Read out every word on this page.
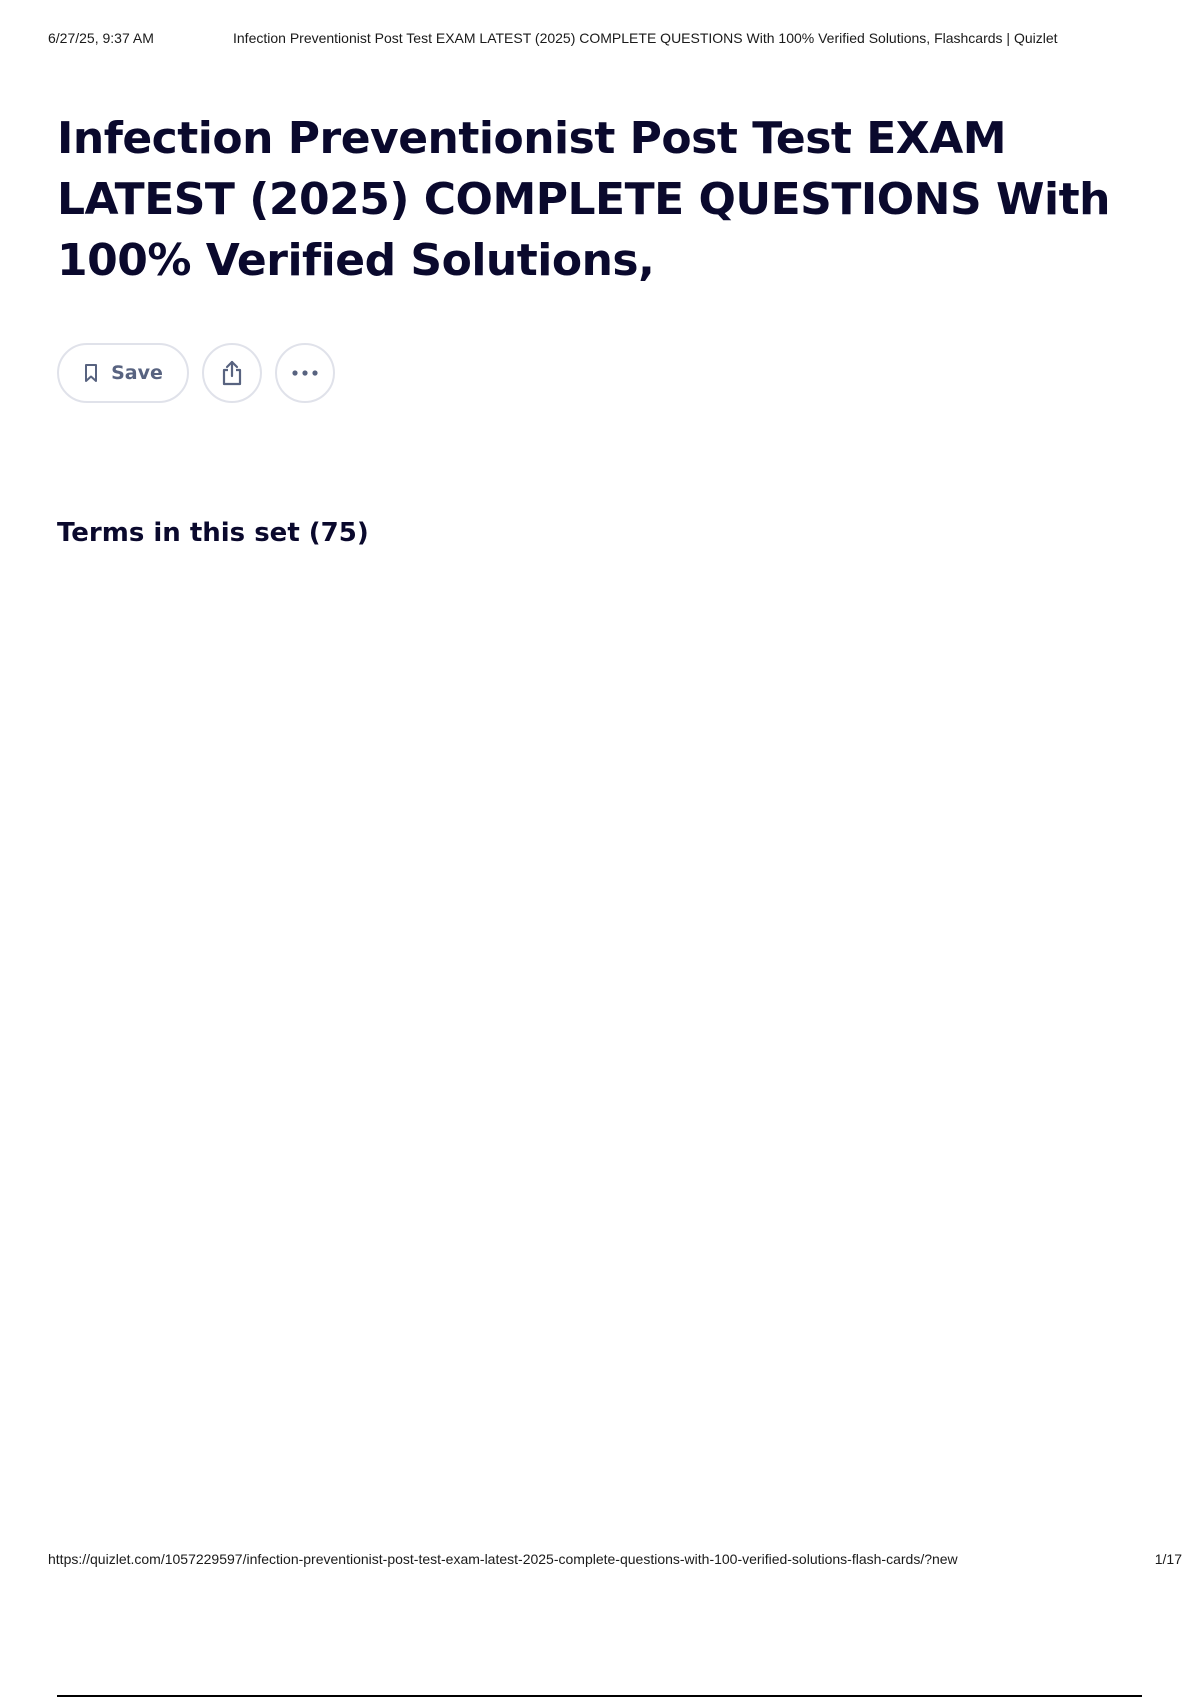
6/27/25, 9:37 AM	Infection Preventionist Post Test EXAM LATEST (2025) COMPLETE QUESTIONS With 100% Verified Solutions, Flashcards | Quizlet
Infection Preventionist Post Test EXAM LATEST (2025) COMPLETE QUESTIONS With 100% Verified Solutions,
Save
Terms in this set (75)
https://quizlet.com/1057229597/infection-preventionist-post-test-exam-latest-2025-complete-questions-with-100-verified-solutions-flash-cards/?new	1/17
